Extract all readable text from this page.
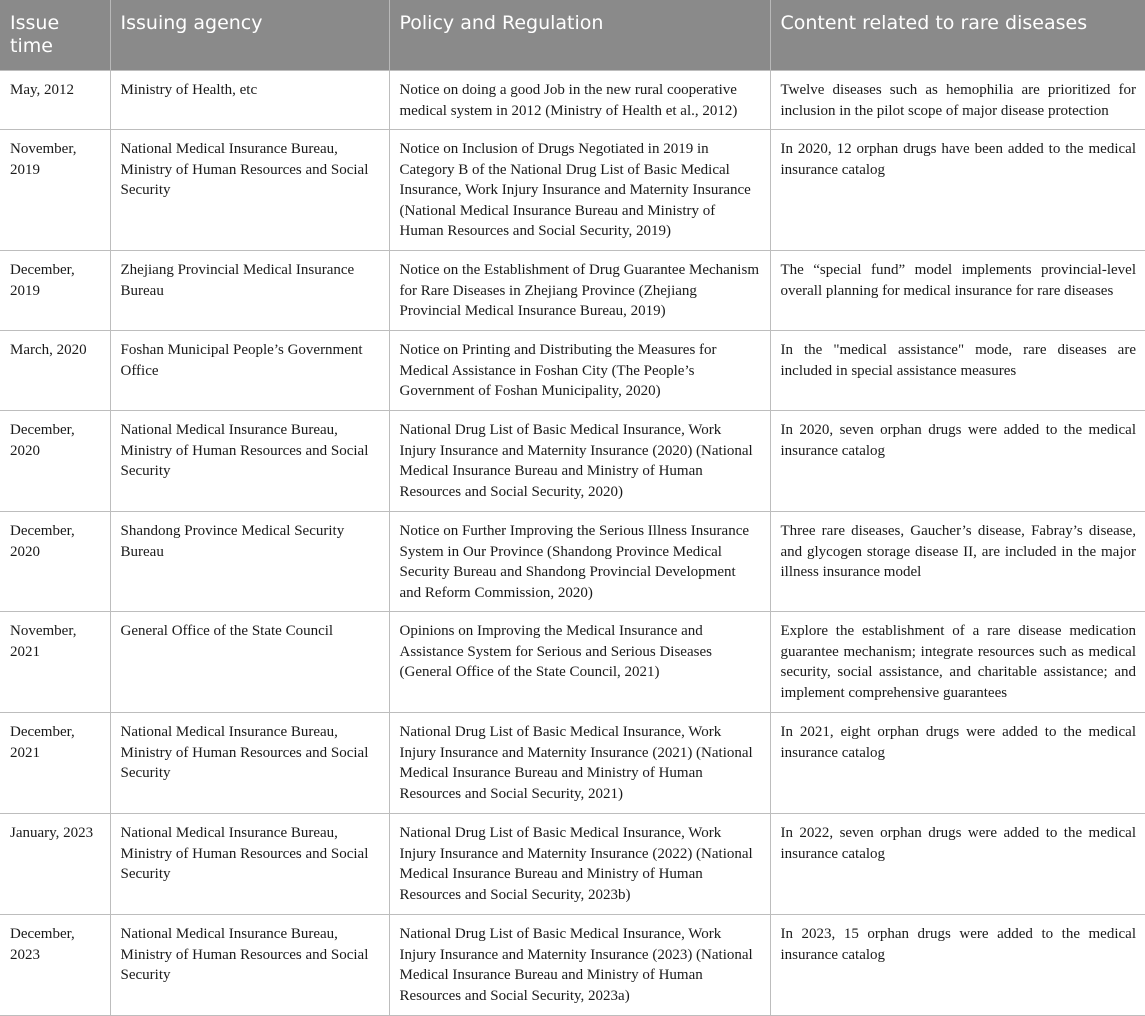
Issue time	Issuing agency	Policy and Regulation	Content related to rare diseases
May, 2012	Ministry of Health, etc	Notice on doing a good Job in the new rural cooperative medical system in 2012 (Ministry of Health et al., 2012)	Twelve diseases such as hemophilia are prioritized for inclusion in the pilot scope of major disease protection
November, 2019	National Medical Insurance Bureau, Ministry of Human Resources and Social Security	Notice on Inclusion of Drugs Negotiated in 2019 in Category B of the National Drug List of Basic Medical Insurance, Work Injury Insurance and Maternity Insurance (National Medical Insurance Bureau and Ministry of Human Resources and Social Security, 2019)	In 2020, 12 orphan drugs have been added to the medical insurance catalog
December, 2019	Zhejiang Provincial Medical Insurance Bureau	Notice on the Establishment of Drug Guarantee Mechanism for Rare Diseases in Zhejiang Province (Zhejiang Provincial Medical Insurance Bureau, 2019)	The “special fund” model implements provincial-level overall planning for medical insurance for rare diseases
March, 2020	Foshan Municipal People’s Government Office	Notice on Printing and Distributing the Measures for Medical Assistance in Foshan City (The People’s Government of Foshan Municipality, 2020)	In the "medical assistance" mode, rare diseases are included in special assistance measures
December, 2020	National Medical Insurance Bureau, Ministry of Human Resources and Social Security	National Drug List of Basic Medical Insurance, Work Injury Insurance and Maternity Insurance (2020) (National Medical Insurance Bureau and Ministry of Human Resources and Social Security, 2020)	In 2020, seven orphan drugs were added to the medical insurance catalog
December, 2020	Shandong Province Medical Security Bureau	Notice on Further Improving the Serious Illness Insurance System in Our Province (Shandong Province Medical Security Bureau and Shandong Provincial Development and Reform Commission, 2020)	Three rare diseases, Gaucher’s disease, Fabray’s disease, and glycogen storage disease II, are included in the major illness insurance model
November, 2021	General Office of the State Council	Opinions on Improving the Medical Insurance and Assistance System for Serious and Serious Diseases (General Office of the State Council, 2021)	Explore the establishment of a rare disease medication guarantee mechanism; integrate resources such as medical security, social assistance, and charitable assistance; and implement comprehensive guarantees
December, 2021	National Medical Insurance Bureau, Ministry of Human Resources and Social Security	National Drug List of Basic Medical Insurance, Work Injury Insurance and Maternity Insurance (2021) (National Medical Insurance Bureau and Ministry of Human Resources and Social Security, 2021)	In 2021, eight orphan drugs were added to the medical insurance catalog
January, 2023	National Medical Insurance Bureau, Ministry of Human Resources and Social Security	National Drug List of Basic Medical Insurance, Work Injury Insurance and Maternity Insurance (2022) (National Medical Insurance Bureau and Ministry of Human Resources and Social Security, 2023b)	In 2022, seven orphan drugs were added to the medical insurance catalog
December, 2023	National Medical Insurance Bureau, Ministry of Human Resources and Social Security	National Drug List of Basic Medical Insurance, Work Injury Insurance and Maternity Insurance (2023) (National Medical Insurance Bureau and Ministry of Human Resources and Social Security, 2023a)	In 2023, 15 orphan drugs were added to the medical insurance catalog
